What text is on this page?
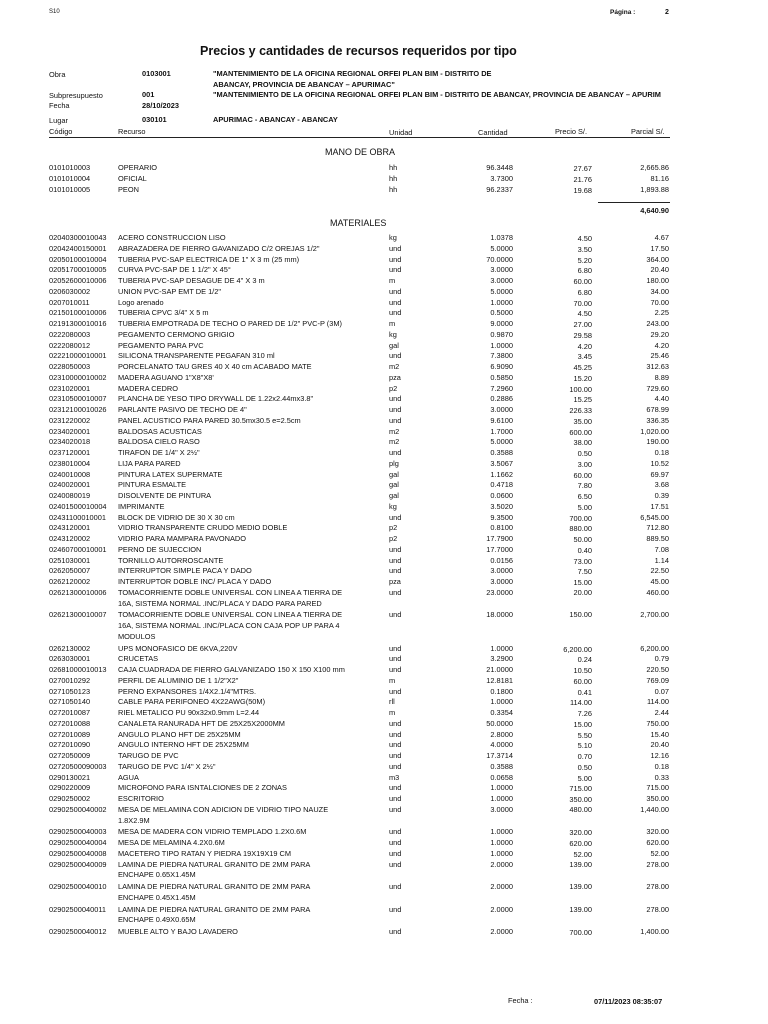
S10	Página :	2
Precios y cantidades de recursos requeridos por tipo
Obra	0103001	"MANTENIMIENTO DE LA OFICINA REGIONAL ORFEI PLAN BIM - DISTRITO DE
ABANCAY, PROVINCIA DE ABANCAY – APURIMAC"
Subpresupuesto	001	"MANTENIMIENTO DE LA OFICINA REGIONAL ORFEI PLAN BIM - DISTRITO DE ABANCAY, PROVINCIA DE ABANCAY – APURIM
Fecha	28/10/2023
Lugar	030101	APURIMAC - ABANCAY - ABANCAY
Código	Recurso	Unidad	Cantidad	Precio S/.	Parcial S/.
MANO DE OBRA
0101010003	OPERARIO	hh	96.3448	27.67	2,665.86
0101010004	OFICIAL	hh	3.7300	21.76	81.16
0101010005	PEON	hh	96.2337	19.68	1,893.88
4,640.90
MATERIALES
02040300010043 ACERO CONSTRUCCION LISO	kg	1.0378	4.50	4.67
02042400150001 ABRAZADERA DE FIERRO GAVANIZADO C/2 OREJAS 1/2"	und	5.0000	3.50	17.50
02050100010004 TUBERIA PVC-SAP ELECTRICA DE 1" X 3 m (25 mm)	und	70.0000	5.20	364.00
02051700010005 CURVA PVC-SAP DE 1 1/2" X 45°	und	3.0000	6.80	20.40
02052600010006 TUBERIA PVC-SAP DESAGUE DE 4" X 3 m	m	3.0000	60.00	180.00
0206030002	UNION PVC-SAP EMT DE 1/2"	und	5.0000	6.80	34.00
0207010011	Logo arenado	und	1.0000	70.00	70.00
02150100010006 TUBERIA CPVC 3/4" X 5 m	und	0.5000	4.50	2.25
02191300010016 TUBERIA EMPOTRADA DE TECHO O PARED DE 1/2" PVC-P (3M)	m	9.0000	27.00	243.00
0222080003	PEGAMENTO CERMONO GRIGIO	kg	0.9870	29.58	29.20
0222080012	PEGAMENTO PARA PVC	gal	1.0000	4.20	4.20
02221000010001 SILICONA TRANSPARENTE PEGAFAN 310 ml	und	7.3800	3.45	25.46
0228050003	PORCELANATO TAU GRES 40 X 40 cm ACABADO MATE	m2	6.9090	45.25	312.63
02310000010002 MADERA AGUANO 1"X8"X8'	pza	0.5850	15.20	8.89
0231020001	MADERA CEDRO	p2	7.2960	100.00	729.60
02310500010007 PLANCHA DE YESO TIPO DRYWALL DE 1.22x2.44mx3.8"	und	0.2886	15.25	4.40
02312100010026 PARLANTE PASIVO DE TECHO DE 4"	und	3.0000	226.33	678.99
0231220002	PANEL ACUSTICO PARA PARED 30.5mx30.5 e=2.5cm	und	9.6100	35.00	336.35
0234020001	BALDOSAS ACUSTICAS	m2	1.7000	600.00	1,020.00
0234020018	BALDOSA CIELO RASO	m2	5.0000	38.00	190.00
0237120001	TIRAFON DE 1/4" X 2½"	und	0.3588	0.50	0.18
0238010004	LIJA PARA PARED	plg	3.5067	3.00	10.52
0240010008	PINTURA LATEX SUPERMATE	gal	1.1662	60.00	69.97
0240020001	PINTURA ESMALTE	gal	0.4718	7.80	3.68
0240080019	DISOLVENTE DE PINTURA	gal	0.0600	6.50	0.39
02401500010004 IMPRIMANTE	kg	3.5020	5.00	17.51
02431100010001 BLOCK DE VIDRIO DE 30 X 30 cm	und	9.3500	700.00	6,545.00
0243120001	VIDRIO TRANSPARENTE CRUDO MEDIO DOBLE	p2	0.8100	880.00	712.80
0243120002	VIDRIO PARA MAMPARA PAVONADO	p2	17.7900	50.00	889.50
02460700010001 PERNO DE SUJECCION	und	17.7000	0.40	7.08
0251030001	TORNILLO AUTORROSCANTE	und	0.0156	73.00	1.14
0262050007	INTERRUPTOR SIMPLE PACA Y DADO	und	3.0000	7.50	22.50
0262120002	INTERRUPTOR DOBLE INC/ PLACA Y DADO	pza	3.0000	15.00	45.00
02621300010006 TOMACORRIENTE DOBLE UNIVERSAL CON LINEA A TIERRA DE
16A, SISTEMA NORMAL .INC/PLACA Y DADO PARA PARED
und	23.0000	20.00	460.00
02621300010007 TOMACORRIENTE DOBLE UNIVERSAL CON LINEA A TIERRA DE
16A, SISTEMA NORMAL .INC/PLACA CON CAJA POP UP PARA 4
MODULOS
und	18.0000	150.00	2,700.00
0262130002	UPS MONOFASICO DE 6KVA,220V	und	1.0000	6,200.00	6,200.00
0263030001	CRUCETAS	und	3.2900	0.24	0.79
02681000010013 CAJA CUADRADA DE FIERRO GALVANIZADO 150 X 150 X100 mm	und	21.0000	10.50	220.50
0270010292	PERFIL DE ALUMINIO DE 1 1/2"X2"	m	12.8181	60.00	769.09
0271050123	PERNO EXPANSORES 1/4X2.1/4"MTRS.	und	0.1800	0.41	0.07
0271050140	CABLE PARA PERIFONEO 4X22AWG(50M)	rll	1.0000	114.00	114.00
0272010087	RIEL METALICO PU 90x32x0.9mm L=2.44	m	0.3354	7.26	2.44
0272010088	CANALETA RANURADA HFT DE 25X25X2000MM	und	50.0000	15.00	750.00
0272010089	ANGULO PLANO HFT DE 25X25MM	und	2.8000	5.50	15.40
0272010090	ANGULO INTERNO HFT DE 25X25MM	und	4.0000	5.10	20.40
0272050009	TARUGO DE PVC	und	17.3714	0.70	12.16
02720500090003 TARUGO DE PVC 1/4" X 2½"	und	0.3588	0.50	0.18
0290130021	AGUA	m3	0.0658	5.00	0.33
0290220009	MICROFONO PARA ISNTALCIONES DE 2 ZONAS	und	1.0000	715.00	715.00
0290250002	ESCRITORIO	und	1.0000	350.00	350.00
02902500040002 MESA DE MELAMINA CON ADICION DE VIDRIO TIPO NAUZE
1.8X2.9M
und	3.0000	480.00	1,440.00
02902500040003 MESA DE MADERA CON VIDRIO TEMPLADO 1.2X0.6M	und	1.0000	320.00	320.00
02902500040004 MESA DE MELAMINA 4.2X0.6M	und	1.0000	620.00	620.00
02902500040008 MACETERO TIPO RATAN Y PIEDRA 19X19X19 CM	und	1.0000	52.00	52.00
02902500040009 LAMINA DE PIEDRA NATURAL GRANITO DE 2MM PARA
ENCHAPE 0.65X1.45M
und	2.0000	139.00	278.00
02902500040010 LAMINA DE PIEDRA NATURAL GRANITO DE 2MM PARA
ENCHAPE 0.45X1.45M
und	2.0000	139.00	278.00
02902500040011 LAMINA DE PIEDRA NATURAL GRANITO DE 2MM PARA
ENCHAPE 0.49X0.65M
und	2.0000	139.00	278.00
02902500040012 MUEBLE ALTO Y BAJO LAVADERO	und	2.0000	700.00	1,400.00
Fecha :	07/11/2023 08:35:07
